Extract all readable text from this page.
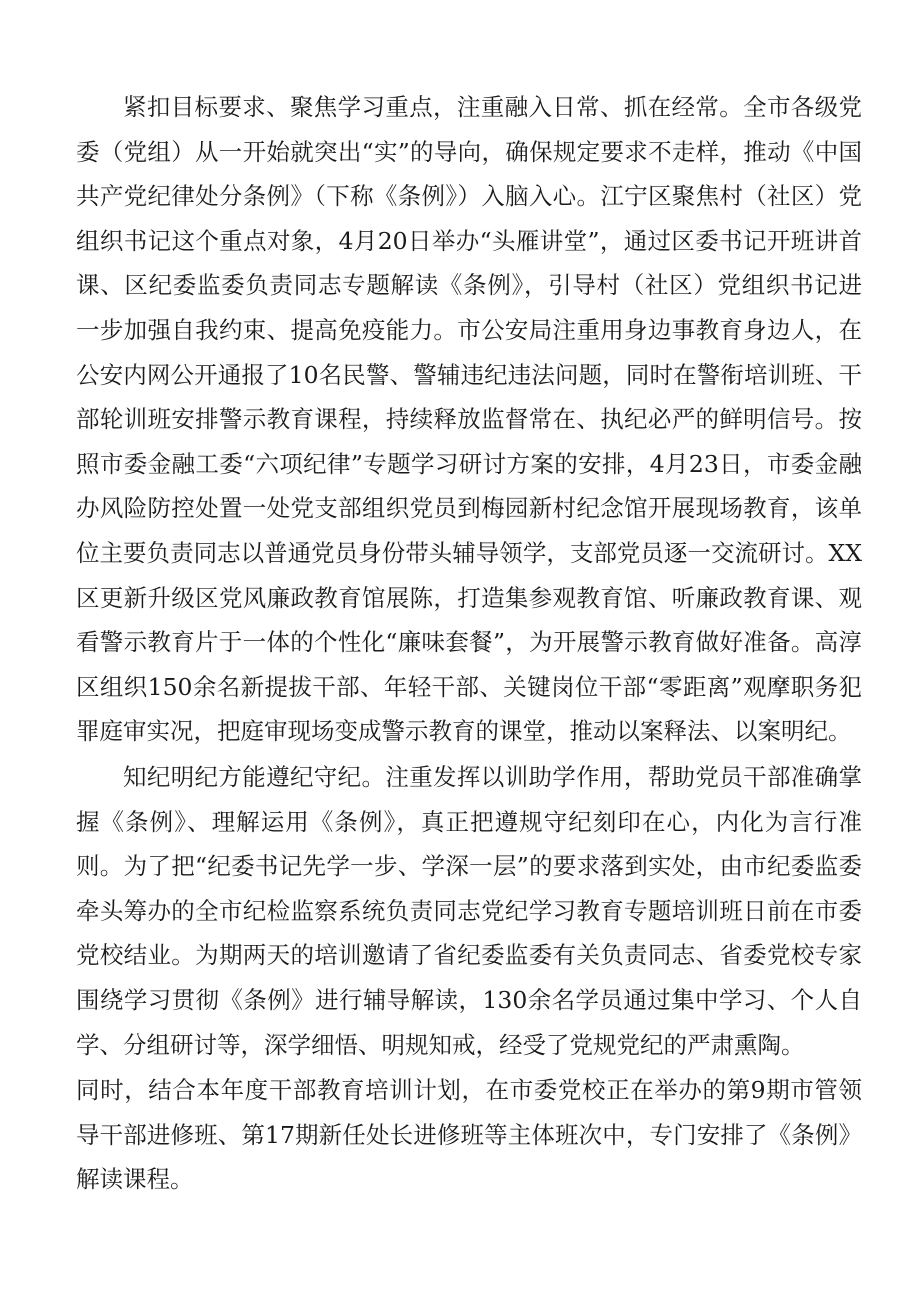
紧扣目标要求、聚焦学习重点，注重融入日常、抓在经常。全市各级党委（党组）从一开始就突出“实”的导向，确保规定要求不走样，推动《中国共产党纪律处分条例》（下称《条例》）入脑入心。江宁区聚焦村（社区）党组织书记这个重点对象，4月20日举办“头雁讲堂”，通过区委书记开班讲首课、区纪委监委负责同志专题解读《条例》，引导村（社区）党组织书记进一步加强自我约束、提高免疫能力。市公安局注重用身边事教育身边人，在公安内网公开通报了10名民警、警辅违纪违法问题，同时在警衔培训班、干部轮训班安排警示教育课程，持续释放监督常在、执纪必严的鲜明信号。按照市委金融工委“六项纪律”专题学习研讨方案的安排，4月23日，市委金融办风险防控处置一处党支部组织党员到梅园新村纪念馆开展现场教育，该单位主要负责同志以普通党员身份带头辅导领学，支部党员逐一交流研讨。XX区更新升级区党风廉政教育馆展陈，打造集参观教育馆、听廉政教育课、观看警示教育片于一体的个性化“廉味套餐”，为开展警示教育做好准备。高淳区组织150余名新提拔干部、年轻干部、关键岗位干部“零距离”观摩职务犯罪庭审实况，把庭审现场变成警示教育的课堂，推动以案释法、以案明纪。

知纪明纪方能遵纪守纪。注重发挥以训助学作用，帮助党员干部准确掌握《条例》、理解运用《条例》，真正把遵规守纪刻印在心，内化为言行准则。为了把“纪委书记先学一步、学深一层”的要求落到实处，由市纪委监委牵头筹办的全市纪检监察系统负责同志党纪学习教育专题培训班日前在市委党校结业。为期两天的培训邀请了省纪委监委有关负责同志、省委党校专家围绕学习贯彻《条例》进行辅导解读，130余名学员通过集中学习、个人自学、分组研讨等，深学细悟、明规知戒，经受了党规党纪的严肃熏陶。

同时，结合本年度干部教育培训计划，在市委党校正在举办的第9期市管领导干部进修班、第17期新任处长进修班等主体班次中，专门安排了《条例》解读课程。
